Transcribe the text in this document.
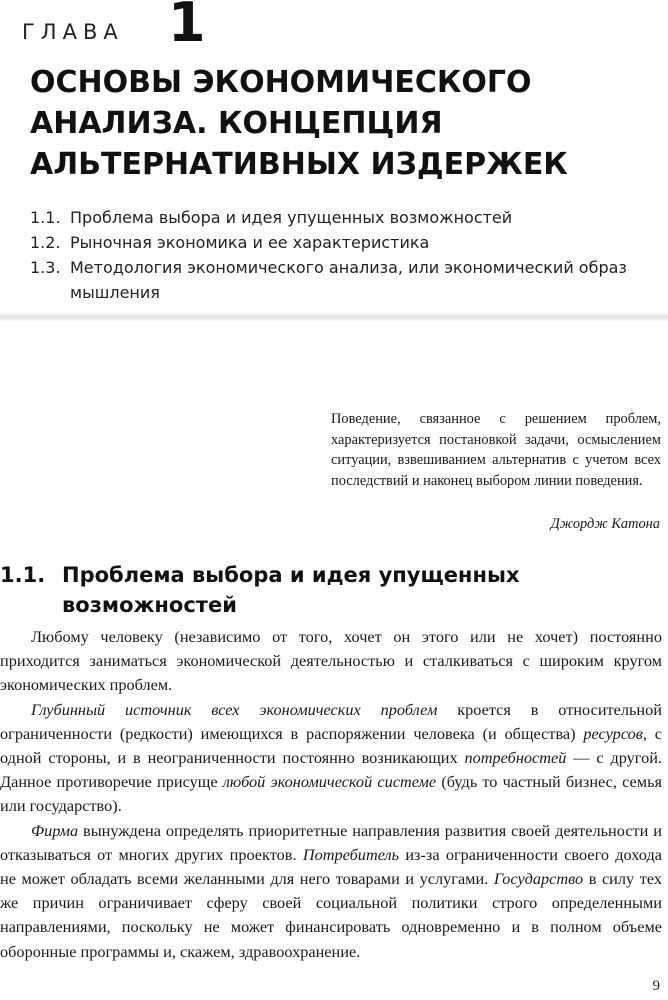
ГЛАВА 1
ОСНОВЫ ЭКОНОМИЧЕСКОГО
АНАЛИЗА. КОНЦЕПЦИЯ
АЛЬТЕРНАТИВНЫХ ИЗДЕРЖЕК
1.1. Проблема выбора и идея упущенных возможностей
1.2. Рыночная экономика и ее характеристика
1.3. Методология экономического анализа, или экономический образ мышления
Поведение, связанное с решением проблем, характеризуется постановкой задачи, осмыслением ситуации, взвешиванием альтернатив с учетом всех последствий и наконец выбором линии поведения.
Джордж Катона
1.1. Проблема выбора и идея упущенных возможностей

Любому человеку (независимо от того, хочет он этого или не хочет) постоянно приходится заниматься экономической деятельностью и сталкиваться с широким кругом экономических проблем.

Глубинный источник всех экономических проблем кроется в относительной ограниченности (редкости) имеющихся в распоряжении человека (и общества) ресурсов, с одной стороны, и в неограниченности постоянно возникающих потребностей — с другой. Данное противоречие присуще любой экономической системе (будь то частный бизнес, семья или государство).

Фирма вынуждена определять приоритетные направления развития своей деятельности и отказываться от многих других проектов. Потребитель из-за ограниченности своего дохода не может обладать всеми желанными для него товарами и услугами. Государство в силу тех же причин ограничивает сферу своей социальной политики строго определенными направлениями, поскольку не может финансировать одновременно и в полном объеме оборонные программы и, скажем, здравоохранение.

9
